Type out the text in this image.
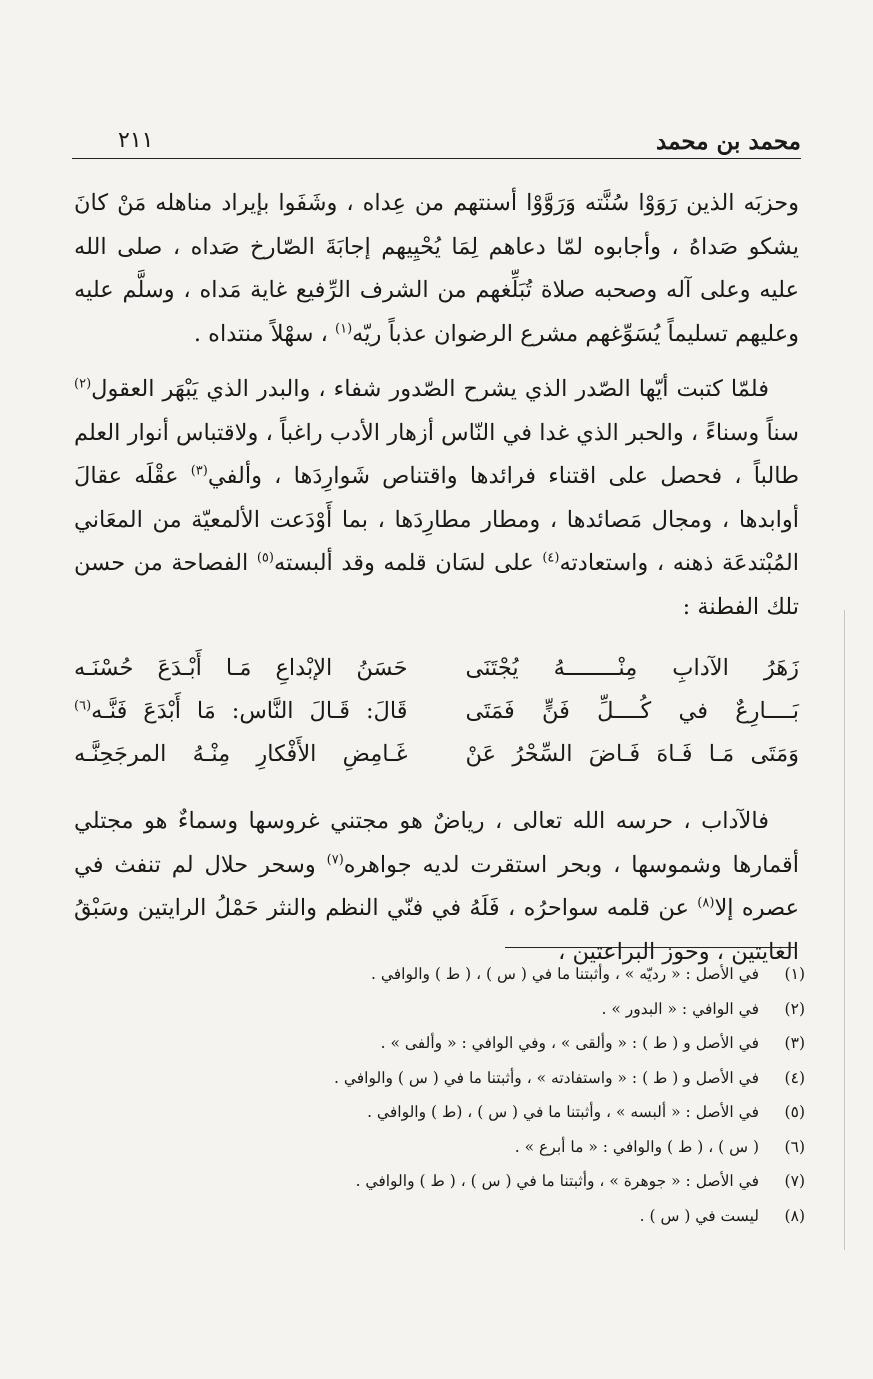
محمد بن محمد
٢١١

وحزبَه الذين رَوَوْا سُنَّته وَرَوَّوْا أسنتهم من عِداه ، وشَفَوا بإيراد مناهله مَنْ كانَ يشكو صَداهُ ، وأجابوه لمّا دعاهم لِمَا يُحْيِيهم إجابَةَ الصّارخ صَداه ، صلى الله عليه وعلى آله وصحبه صلاة تُبَلِّغهم من الشرف الرِّفيع غاية مَداه ، وسلَّم عليه وعليهم تسليماً يُسَوِّغهم مشرع الرضوان عذباً ريّه$^{(١)}$ ، سهْلاً منتداه .

فلمّا كتبت أيّها الصّدر الذي يشرح الصّدور شفاء ، والبدر الذي يَبْهَر العقول$^{(٢)}$ سناً وسناءً ، والحبر الذي غدا في النّاس أزهار الأدب راغباً ، ولاقتباس أنوار العلم طالباً ، فحصل على اقتناء فرائدها واقتناص شَوارِدَها ، وألفي$^{(٣)}$ عقْلَه عقالَ أوابدها ، ومجال مَصائدها ، ومطار مطارِدَها ، بما أَوْدَعت الألمعيّة من المعَاني المُبْتدعَة ذهنه ، واستعادته$^{(٤)}$ على لسَان قلمه وقد ألبسته$^{(٥)}$ الفصاحة من حسن تلك الفطنة :

زَهَرُ الآدابِ مِنْــــــــهُ يُجْتَنَى
حَسَنُ الإبْداعِ مَـا أَبْـدَعَ حُسْنَـه
بَــــارِعٌ في كُــــلِّ فَنٍّ فَمَتَى
قَالَ: قَـالَ النَّاس: مَا أَبْدَعَ فَنَّـه$^{(٦)}$
وَمَتَى مَـا فَـاهَ فَـاضَ السِّحْرُ عَنْ
غَـامِضِ الأَفْكارِ مِنْـهُ المرجَحِنَّـه

فالآداب ، حرسه الله تعالى ، رياضٌ هو مجتني غروسها وسماءٌ هو مجتلي أقمارها وشموسها ، وبحر استقرت لديه جواهره$^{(٧)}$ وسحر حلال لم تنفث في عصره إلا$^{(٨)}$ عن قلمه سواحرُه ، فَلَهُ في فنّي النظم والنثر حَمْلُ الرايتين وسَبْقُ الغايتين ، وحوز البراعتين ،

(١)
في الأصل : « رديّه » ، وأثبتنا ما في ( س ) ، ( ط ) والوافي .
(٢)
في الوافي : « البدور » .
(٣)
في الأصل و ( ط ) : « وألقى » ، وفي الوافي : « وألفى » .
(٤)
في الأصل و ( ط ) : « واستفادته » ، وأثبتنا ما في ( س ) والوافي .
(٥)
في الأصل : « ألبسه » ، وأثبتنا ما في ( س ) ، (ط ) والوافي .
(٦)
( س ) ، ( ط ) والوافي : « ما أبرع » .
(٧)
في الأصل : « جوهرة » ، وأثبتنا ما في ( س ) ، ( ط ) والوافي .
(٨)
ليست في ( س ) .
